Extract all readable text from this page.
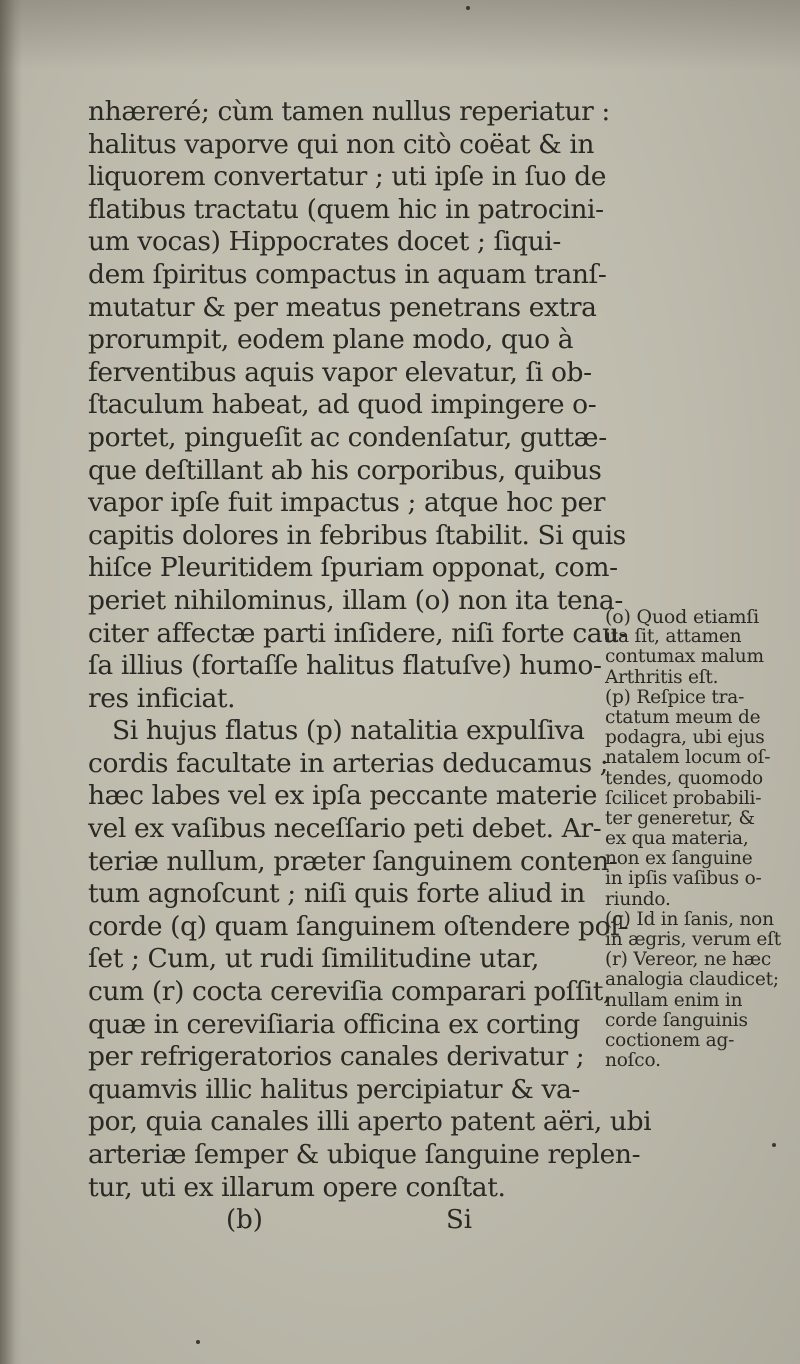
nhæreré; cùm tamen nullus reperiatur :
halitus vaporve qui non citò coëat & in
liquorem convertatur ; uti ipſe in ſuo de
flatibus tractatu (quem hic in patrocini-
um vocas) Hippocrates docet ; ſiqui-
dem ſpiritus compactus in aquam tranſ-
mutatur & per meatus penetrans extra
prorumpit, eodem plane modo, quo à
ferventibus aquis vapor elevatur, ſi ob-
ſtaculum habeat, ad quod impingere o-
portet, pingueſit ac condenſatur, guttæ-
que deſtillant ab his corporibus, quibus
vapor ipſe fuit impactus ; atque hoc per
capitis dolores in febribus ſtabilit. Si quis
hiſce Pleuritidem ſpuriam opponat, com-
periet nihilominus, illam (o) non ita tena-
citer affectæ parti inſidere, niſi forte cau-
ſa illius (fortaſſe halitus flatuſve) humo-
res inficiat.
Si hujus flatus (p) natalitia expulſiva
cordis facultate in arterias deducamus ;
hæc labes vel ex ipſa peccante materie
vel ex vaſibus neceſſario peti debet. Ar-
teriæ nullum, præter ſanguinem conten-
tum agnoſcunt ; niſi quis forte aliud in
corde (q) quam ſanguinem oſtendere poſ-
ſet ; Cum, ut rudi ſimilitudine utar,
cum (r) cocta cereviſia comparari poſſit,
quæ in cereviſiaria officina ex corting
per refrigeratorios canales derivatur ;
quamvis illic halitus percipiatur & va-
por, quia canales illi aperto patent aëri, ubi
arteriæ ſemper & ubique ſanguine replen-
tur, uti ex illarum opere conſtat.
(b)	Si
(o) Quod etiamſi
ita ſit, attamen
contumax malum
Arthritis eſt.
(p) Reſpice tra-
ctatum meum de
podagra, ubi ejus
natalem locum oſ-
tendes, quomodo
ſcilicet probabili-
ter generetur, &
ex qua materia,
non ex ſanguine
in ipſis vaſibus o-
riundo.
(q) Id in ſanis, non
in ægris, verum eſt
(r) Vereor, ne hæc
analogia claudicet;
nullam enim in
corde ſanguinis
coctionem ag-
noſco.
